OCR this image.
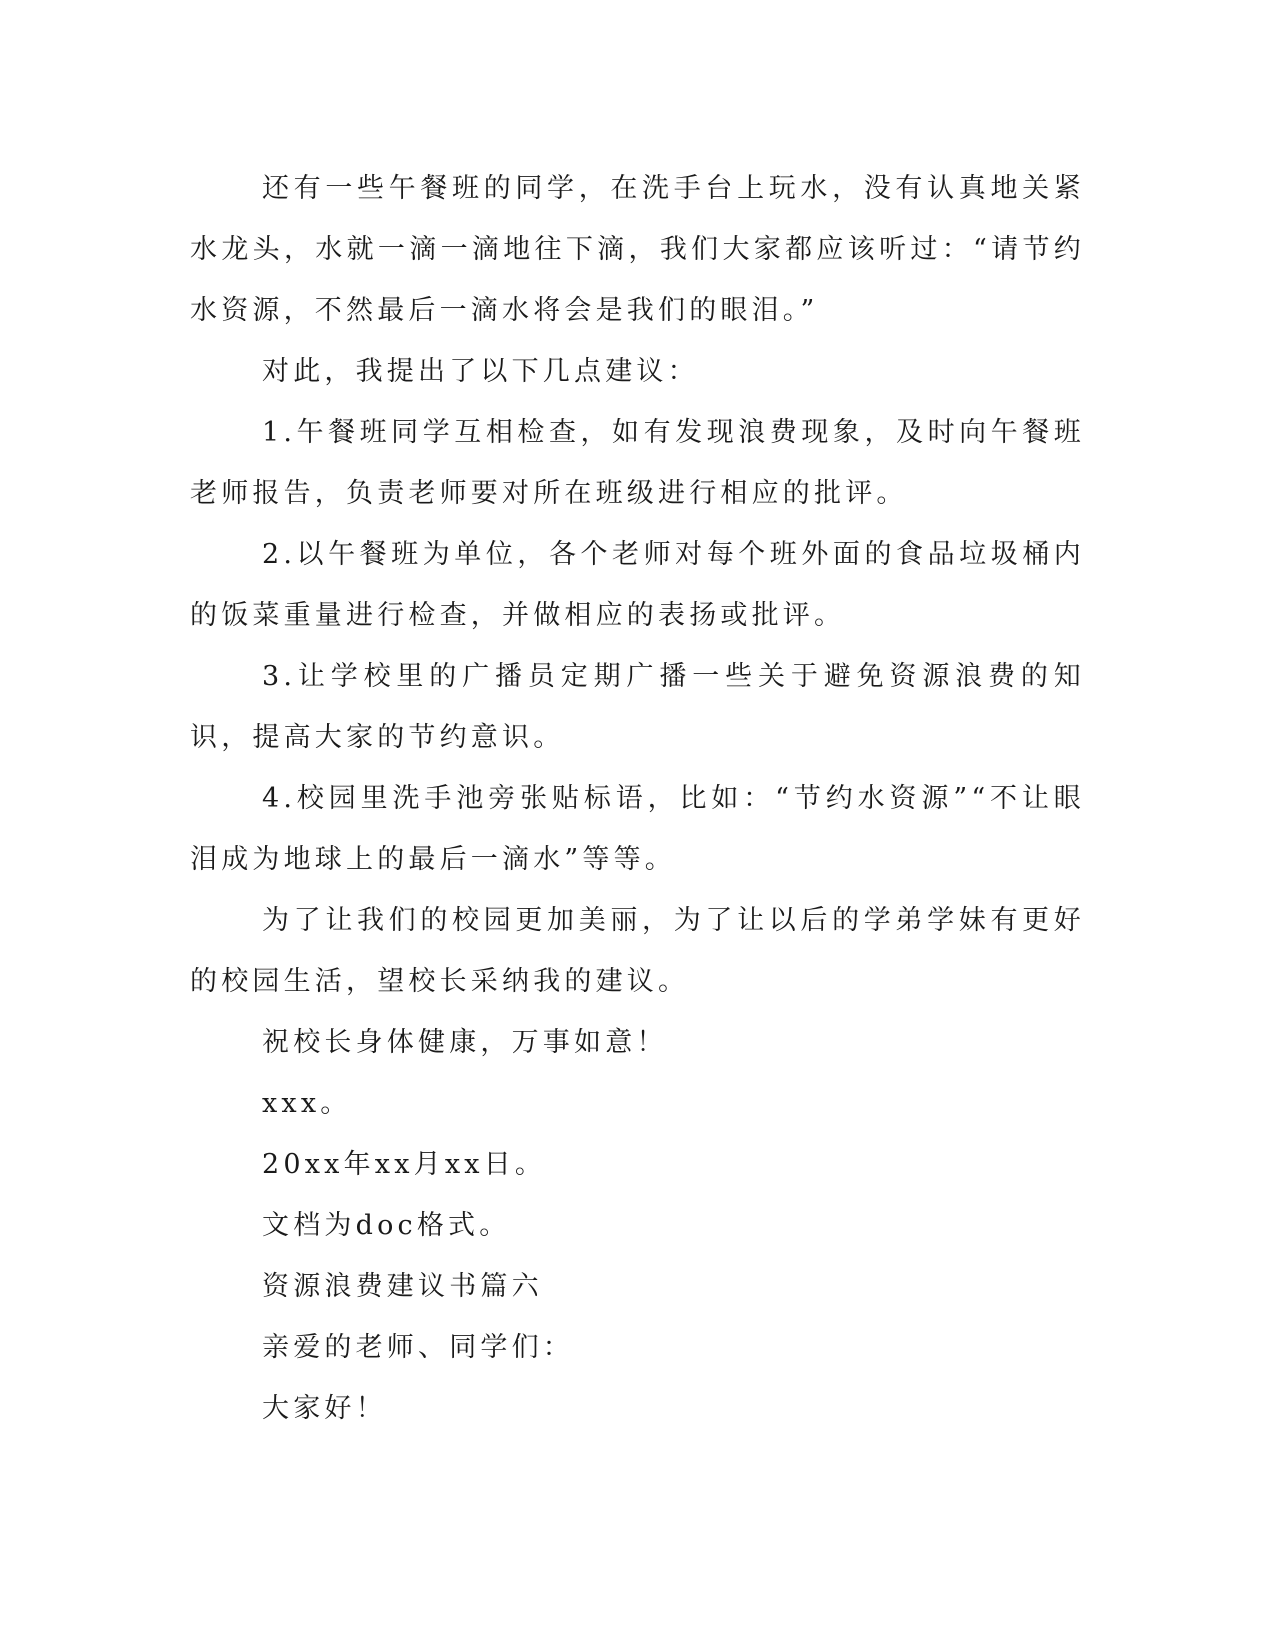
还有一些午餐班的同学，在洗手台上玩水，没有认真地关紧水龙头，水就一滴一滴地往下滴，我们大家都应该听过：“请节约水资源，不然最后一滴水将会是我们的眼泪。”

对此，我提出了以下几点建议：

1.午餐班同学互相检查，如有发现浪费现象，及时向午餐班老师报告，负责老师要对所在班级进行相应的批评。

2.以午餐班为单位，各个老师对每个班外面的食品垃圾桶内的饭菜重量进行检查，并做相应的表扬或批评。

3.让学校里的广播员定期广播一些关于避免资源浪费的知识，提高大家的节约意识。

4.校园里洗手池旁张贴标语，比如：“节约水资源”“不让眼泪成为地球上的最后一滴水”等等。

为了让我们的校园更加美丽，为了让以后的学弟学妹有更好的校园生活，望校长采纳我的建议。

祝校长身体健康，万事如意！

xxx。

20xx年xx月xx日。

文档为doc格式。

资源浪费建议书篇六

亲爱的老师、同学们：

大家好！
